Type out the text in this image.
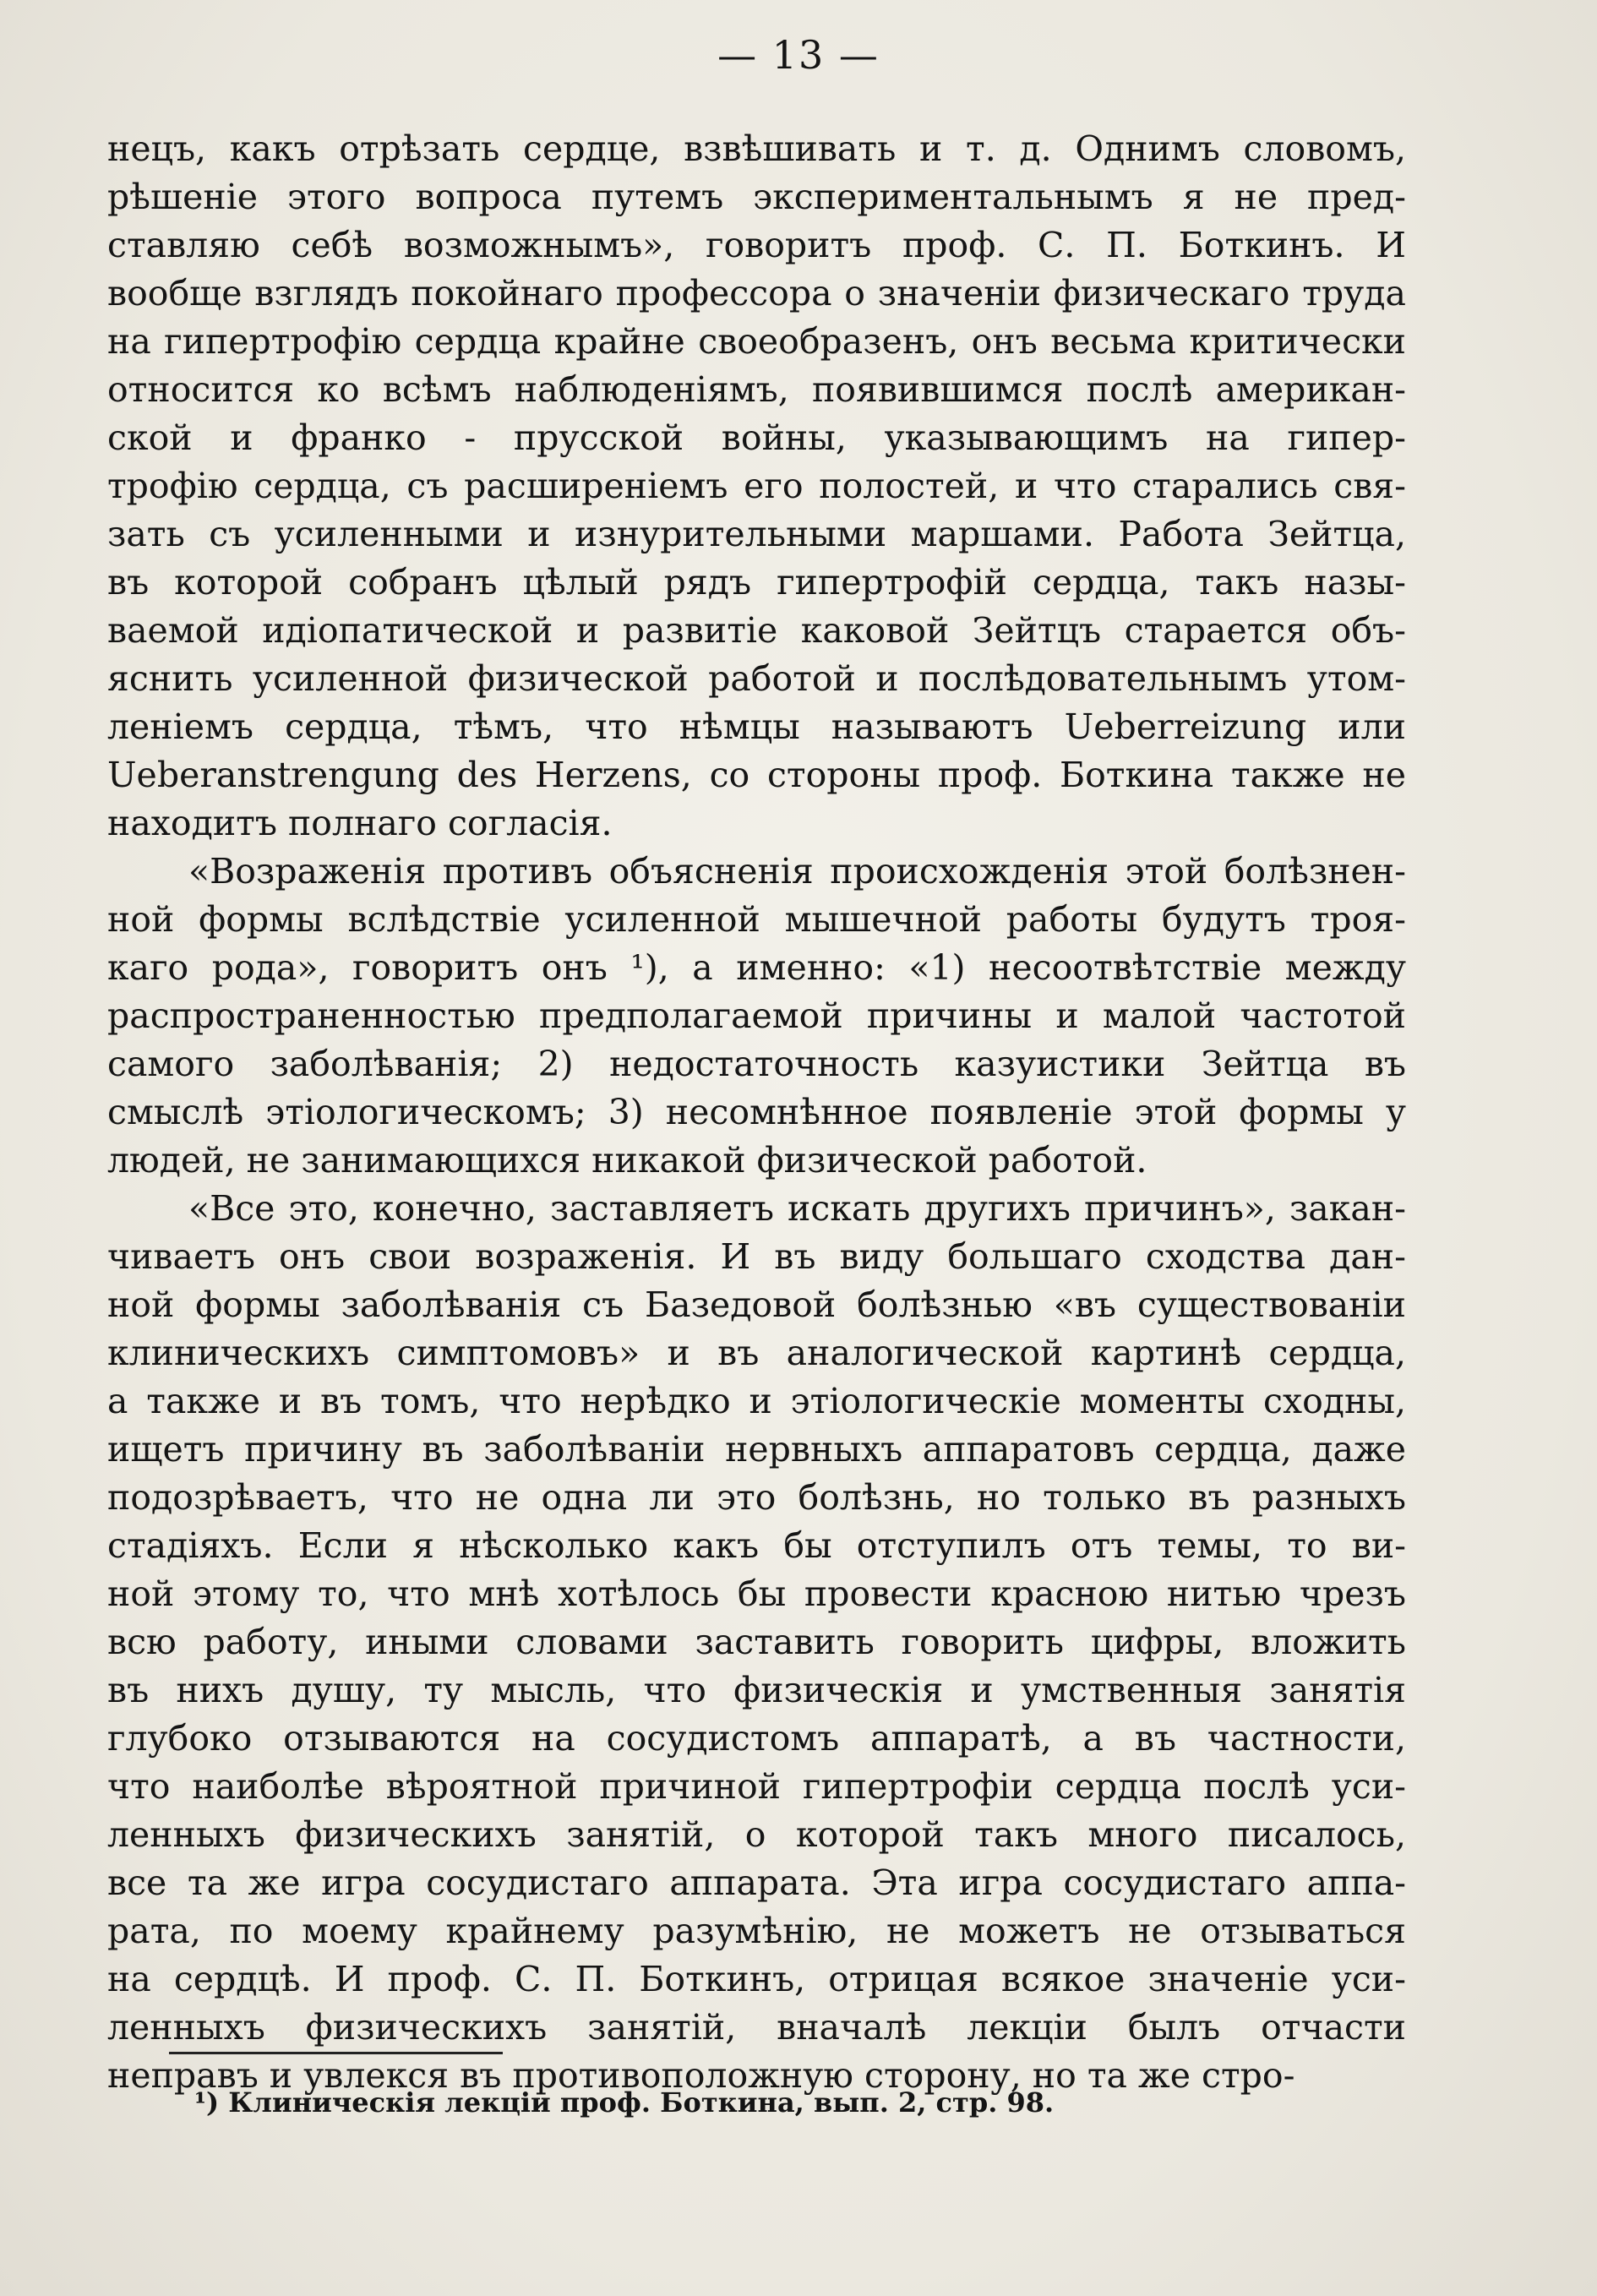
— 13 —
нецъ, какъ отрѣзать сердце, взвѣшивать и т. д. Однимъ словомъ,
рѣшеніе этого вопроса путемъ экспериментальнымъ я не пред-
ставляю себѣ возможнымъ», говоритъ проф. С. П. Боткинъ. И
вообще взглядъ покойнаго профессора о значеніи физическаго труда
на гипертрофію сердца крайне своеобразенъ, онъ весьма критически
относится ко всѣмъ наблюденіямъ, появившимся послѣ американ-
ской и франко - прусской войны, указывающимъ на гипер-
трофію сердца, съ расширеніемъ его полостей, и что старались свя-
зать съ усиленными и изнурительными маршами. Работа Зейтца,
въ которой собранъ цѣлый рядъ гипертрофій сердца, такъ назы-
ваемой идіопатической и развитіе каковой Зейтцъ старается объ-
яснить усиленной физической работой и послѣдовательнымъ утом-
леніемъ сердца, тѣмъ, что нѣмцы называютъ Ueberreizung или
Ueberanstrengung des Herzens, со стороны проф. Боткина также не
находитъ полнаго согласія.
«Возраженія противъ объясненія происхожденія этой болѣзнен-
ной формы вслѣдствіе усиленной мышечной работы будутъ троя-
каго рода», говоритъ онъ ¹), а именно: «1) несоотвѣтствіе между
распространенностью предполагаемой причины и малой частотой
самого заболѣванія; 2) недостаточность казуистики Зейтца въ
смыслѣ этіологическомъ; 3) несомнѣнное появленіе этой формы у
людей, не занимающихся никакой физической работой.
«Все это, конечно, заставляетъ искать другихъ причинъ», закан-
чиваетъ онъ свои возраженія. И въ виду большаго сходства дан-
ной формы заболѣванія съ Базедовой болѣзнью «въ существованіи
клиническихъ симптомовъ» и въ аналогической картинѣ сердца,
а также и въ томъ, что нерѣдко и этіологическіе моменты сходны,
ищетъ причину въ заболѣваніи нервныхъ аппаратовъ сердца, даже
подозрѣваетъ, что не одна ли это болѣзнь, но только въ разныхъ
стадіяхъ. Если я нѣсколько какъ бы отступилъ отъ темы, то ви-
ной этому то, что мнѣ хотѣлось бы провести красною нитью чрезъ
всю работу, иными словами заставить говорить цифры, вложить
въ нихъ душу, ту мысль, что физическія и умственныя занятія
глубоко отзываются на сосудистомъ аппаратѣ, а въ частности,
что наиболѣе вѣроятной причиной гипертрофіи сердца послѣ уси-
ленныхъ физическихъ занятій, о которой такъ много писалось,
все та же игра сосудистаго аппарата. Эта игра сосудистаго аппа-
рата, по моему крайнему разумѣнію, не можетъ не отзываться
на сердцѣ. И проф. С. П. Боткинъ, отрицая всякое значеніе уси-
ленныхъ физическихъ занятій, вначалѣ лекціи былъ отчасти
неправъ и увлекся въ противоположную сторону, но та же стро-
¹) Клиническія лекціи проф. Боткина, вып. 2, стр. 98.
